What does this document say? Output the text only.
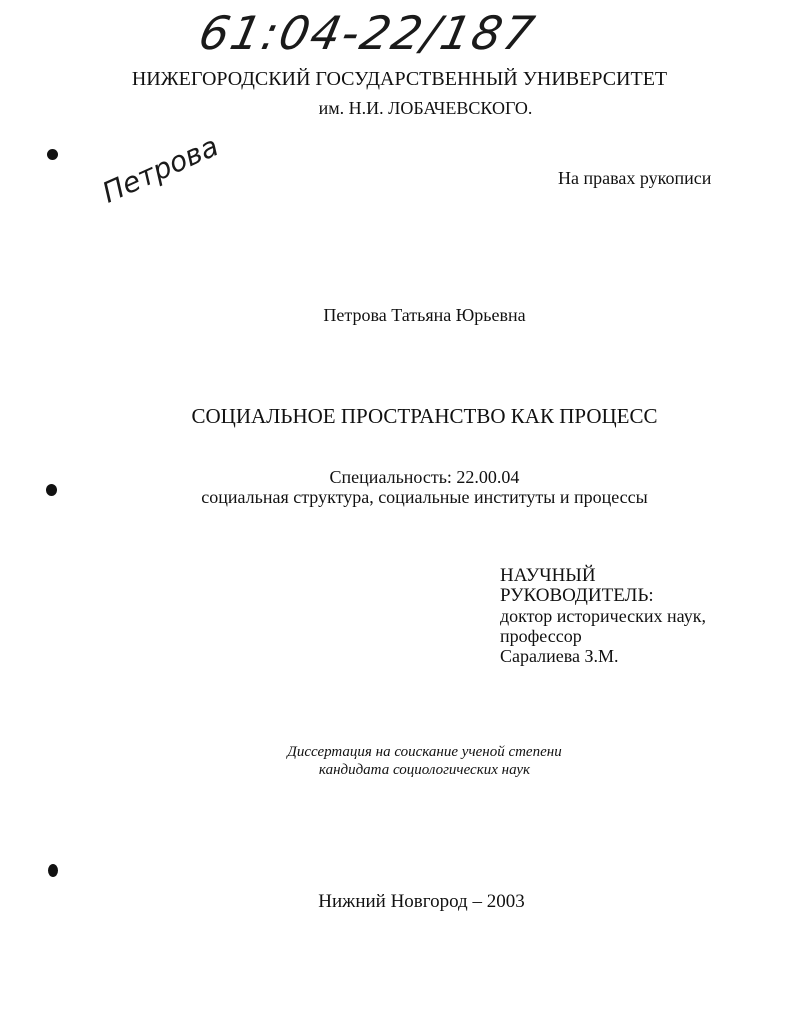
61:04-22/187
НИЖЕГОРОДСКИЙ ГОСУДАРСТВЕННЫЙ УНИВЕРСИТЕТ
им. Н.И. ЛОБАЧЕВСКОГО.
Петрова	На правах рукописи
Петрова Татьяна Юрьевна
СОЦИАЛЬНОЕ ПРОСТРАНСТВО КАК ПРОЦЕСС
Специальность: 22.00.04
социальная структура, социальные институты и процессы
НАУЧНЫЙ
РУКОВОДИТЕЛЬ:
доктор исторических наук,
профессор
Саралиева З.М.
Диссертация на соискание ученой степени
кандидата социологических наук
Нижний Новгород – 2003
